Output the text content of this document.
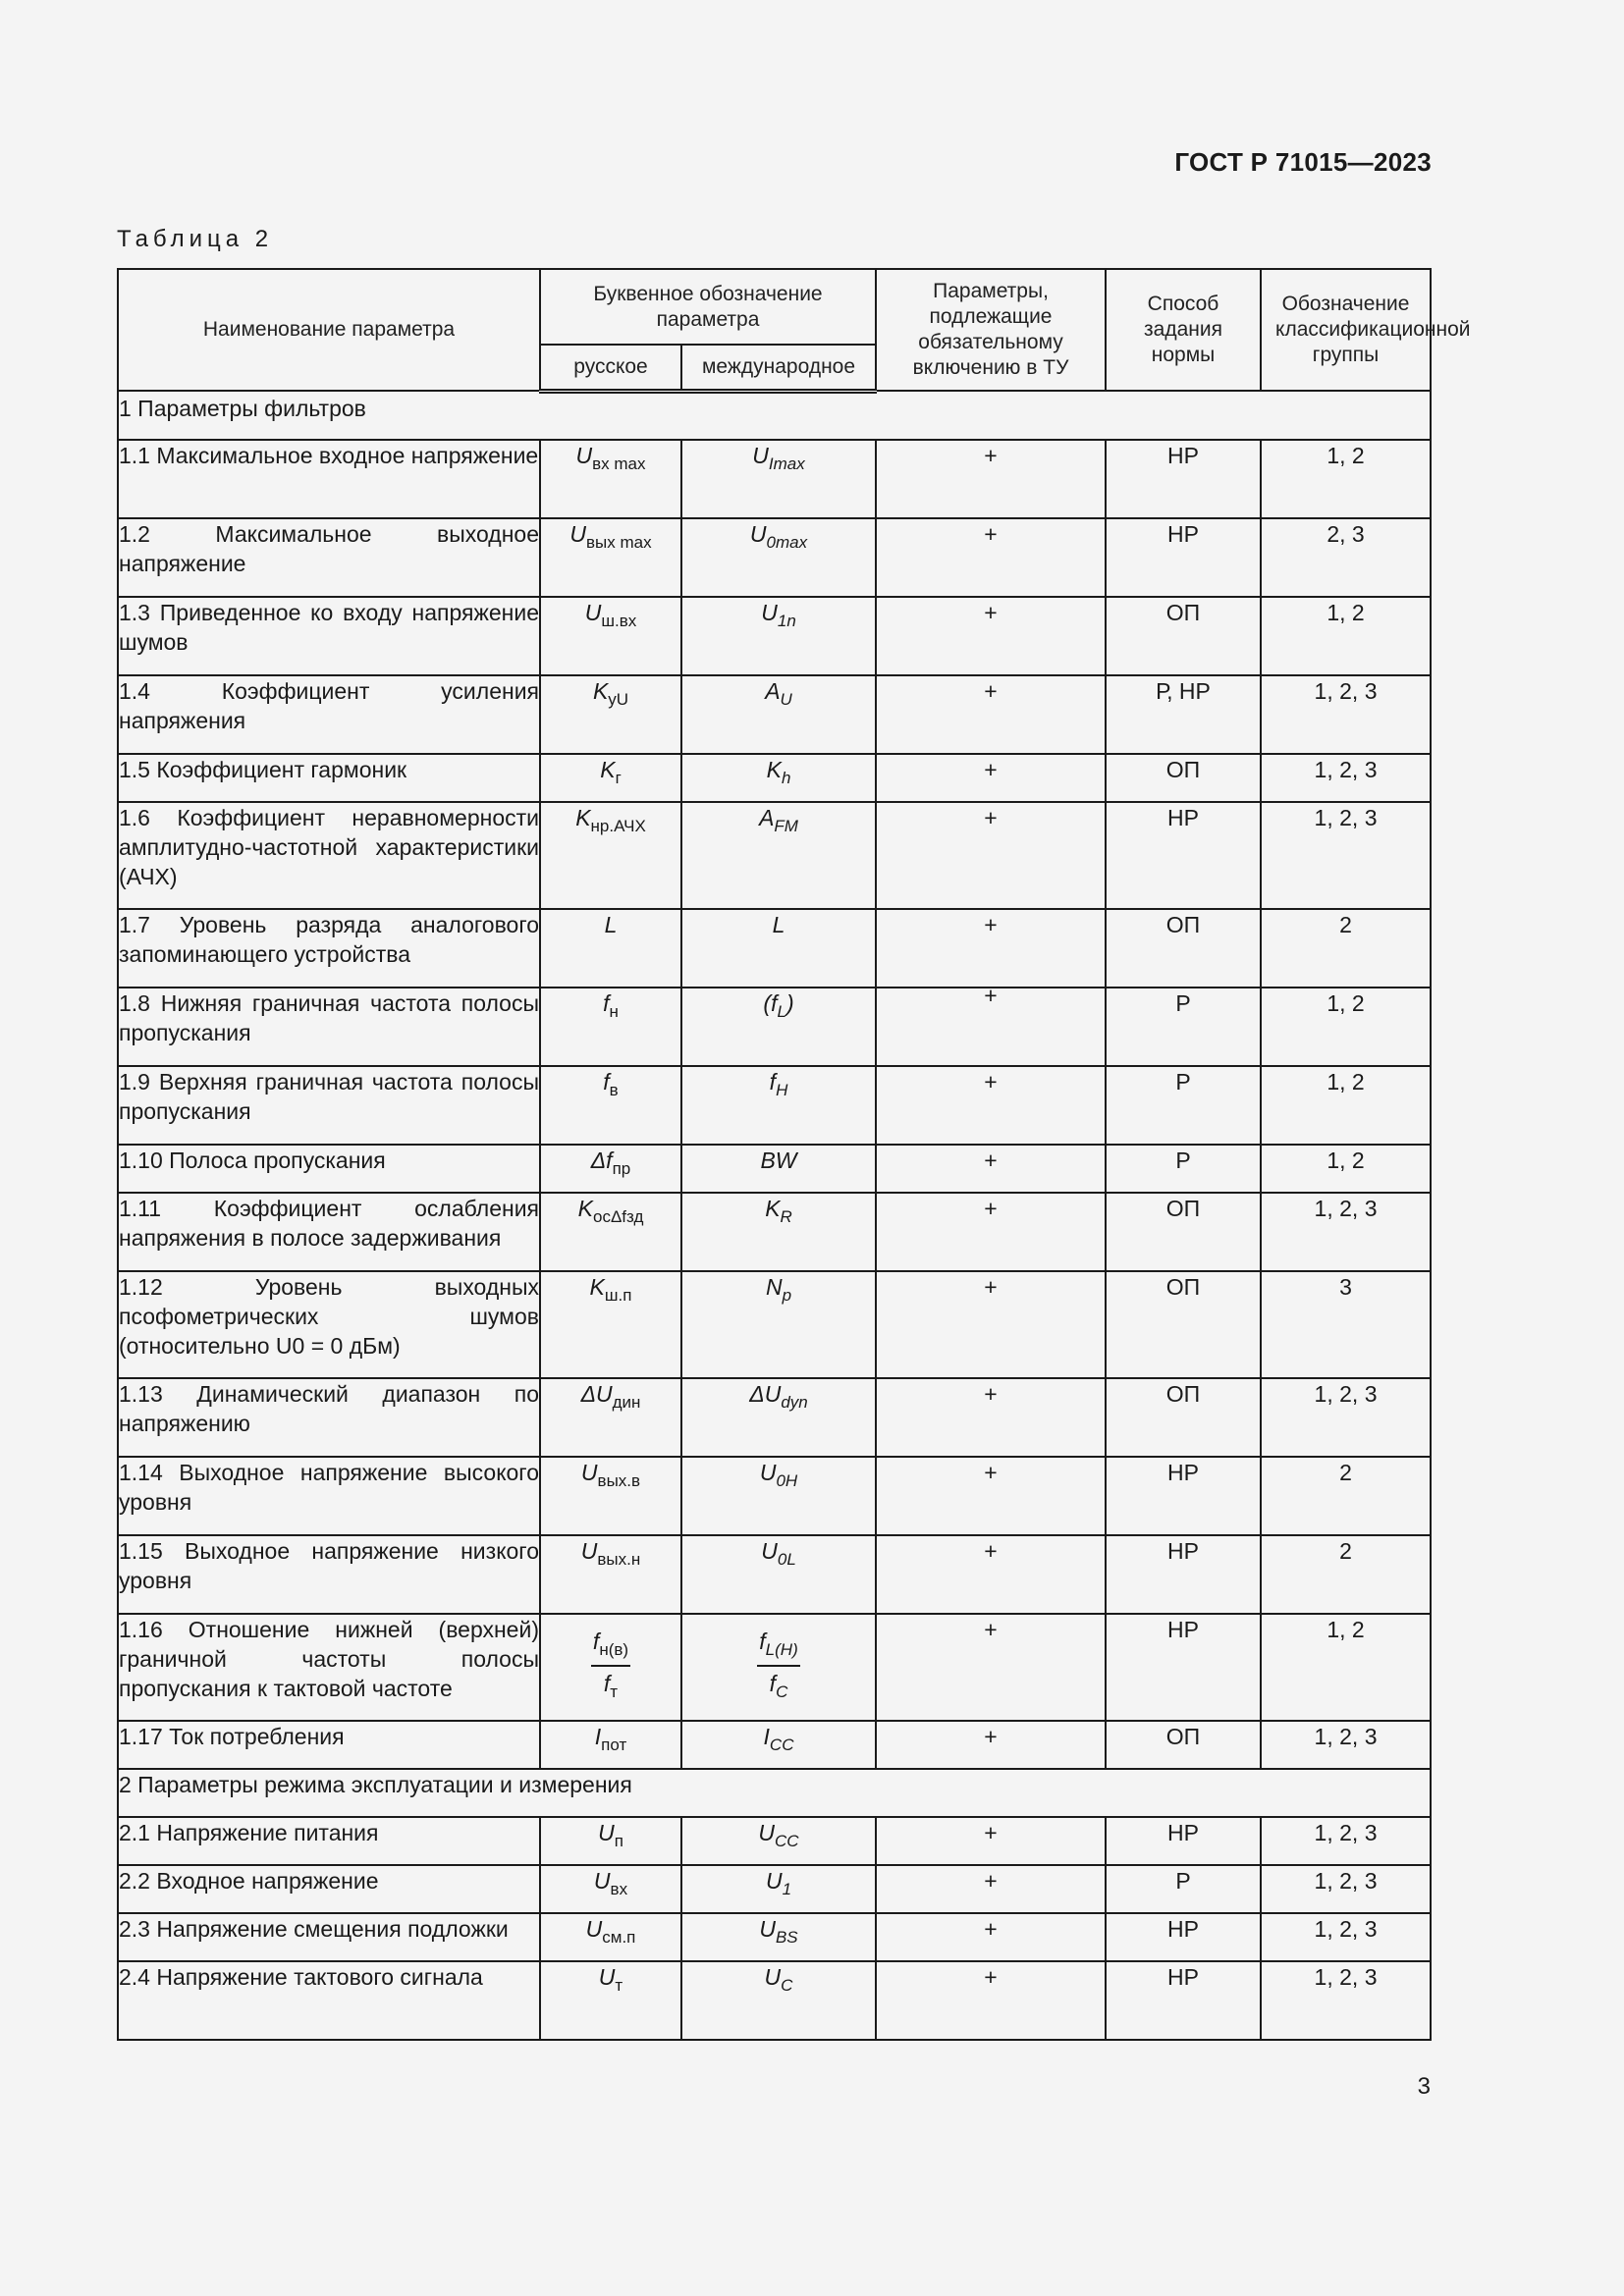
ГОСТ Р 71015—2023
Таблица 2
Наименование параметра	Буквенное обозначение параметра		Параметры, подлежащие обязательному включению в ТУ	Способ задания нормы	Обозначение классификационной группы
	русское	международное			
1 Параметры фильтров					
1.1 Максимальное входное напряжение	$U_{вх max}$	$U_{Imax}$	+	НР	1, 2
1.2 Максимальное выходное напряжение	$U_{вых max}$	$U_{0max}$	+	НР	2, 3
1.3 Приведенное ко входу напряжение шумов	$U_{ш.вх}$	$U_{1n}$	+	ОП	1, 2
1.4 Коэффициент усиления напряжения	$K_{yU}$	$A_U$	+	Р, НР	1, 2, 3
1.5 Коэффициент гармоник	$K_г$	$K_h$	+	ОП	1, 2, 3
1.6 Коэффициент неравномерности амплитудно-частотной характеристики (АЧХ)	$K_{нр.АЧХ}$	$A_{FM}$	+	НР	1, 2, 3
1.7 Уровень разряда аналогового запоминающего устройства	L	L	+	ОП	2
1.8 Нижняя граничная частота полосы пропускания	$f_н$	$(f_L)$	+	Р	1, 2
1.9 Верхняя граничная частота полосы пропускания	$f_в$	$f_H$	+	Р	1, 2
1.10 Полоса пропускания	$\Delta f_{пр}$	BW	+	Р	1, 2
1.11 Коэффициент ослабления напряжения в полосе задерживания	$K_{ос\Delta fзд}$	$K_R$	+	ОП	1, 2, 3
1.12 Уровень выходных псофометрических шумов (относительно U0 = 0 дБм)	$K_{ш.п}$	$N_p$	+	ОП	3
1.13 Динамический диапазон по напряжению	$\Delta U_{дин}$	$\Delta U_{dyn}$	+	ОП	1, 2, 3
1.14 Выходное напряжение высокого уровня	$U_{вых.в}$	$U_{0H}$	+	НР	2
1.15 Выходное напряжение низкого уровня	$U_{вых.н}$	$U_{0L}$	+	НР	2
1.16 Отношение нижней (верхней) граничной частоты полосы пропускания к тактовой частоте	$\frac{f_{н(в)}}{f_т}$	$\frac{f_{L(H)}}{f_C}$	+	НР	1, 2
1.17 Ток потребления	$I_{пот}$	$I_{CC}$	+	ОП	1, 2, 3
2 Параметры режима эксплуатации и измерения					
2.1 Напряжение питания	$U_п$	$U_{CC}$	+	НР	1, 2, 3
2.2 Входное напряжение	$U_{вх}$	$U_1$	+	Р	1, 2, 3
2.3 Напряжение смещения подложки	$U_{см.п}$	$U_{BS}$	+	НР	1, 2, 3
2.4 Напряжение тактового сигнала	$U_т$	$U_C$	+	НР	1, 2, 3
3
